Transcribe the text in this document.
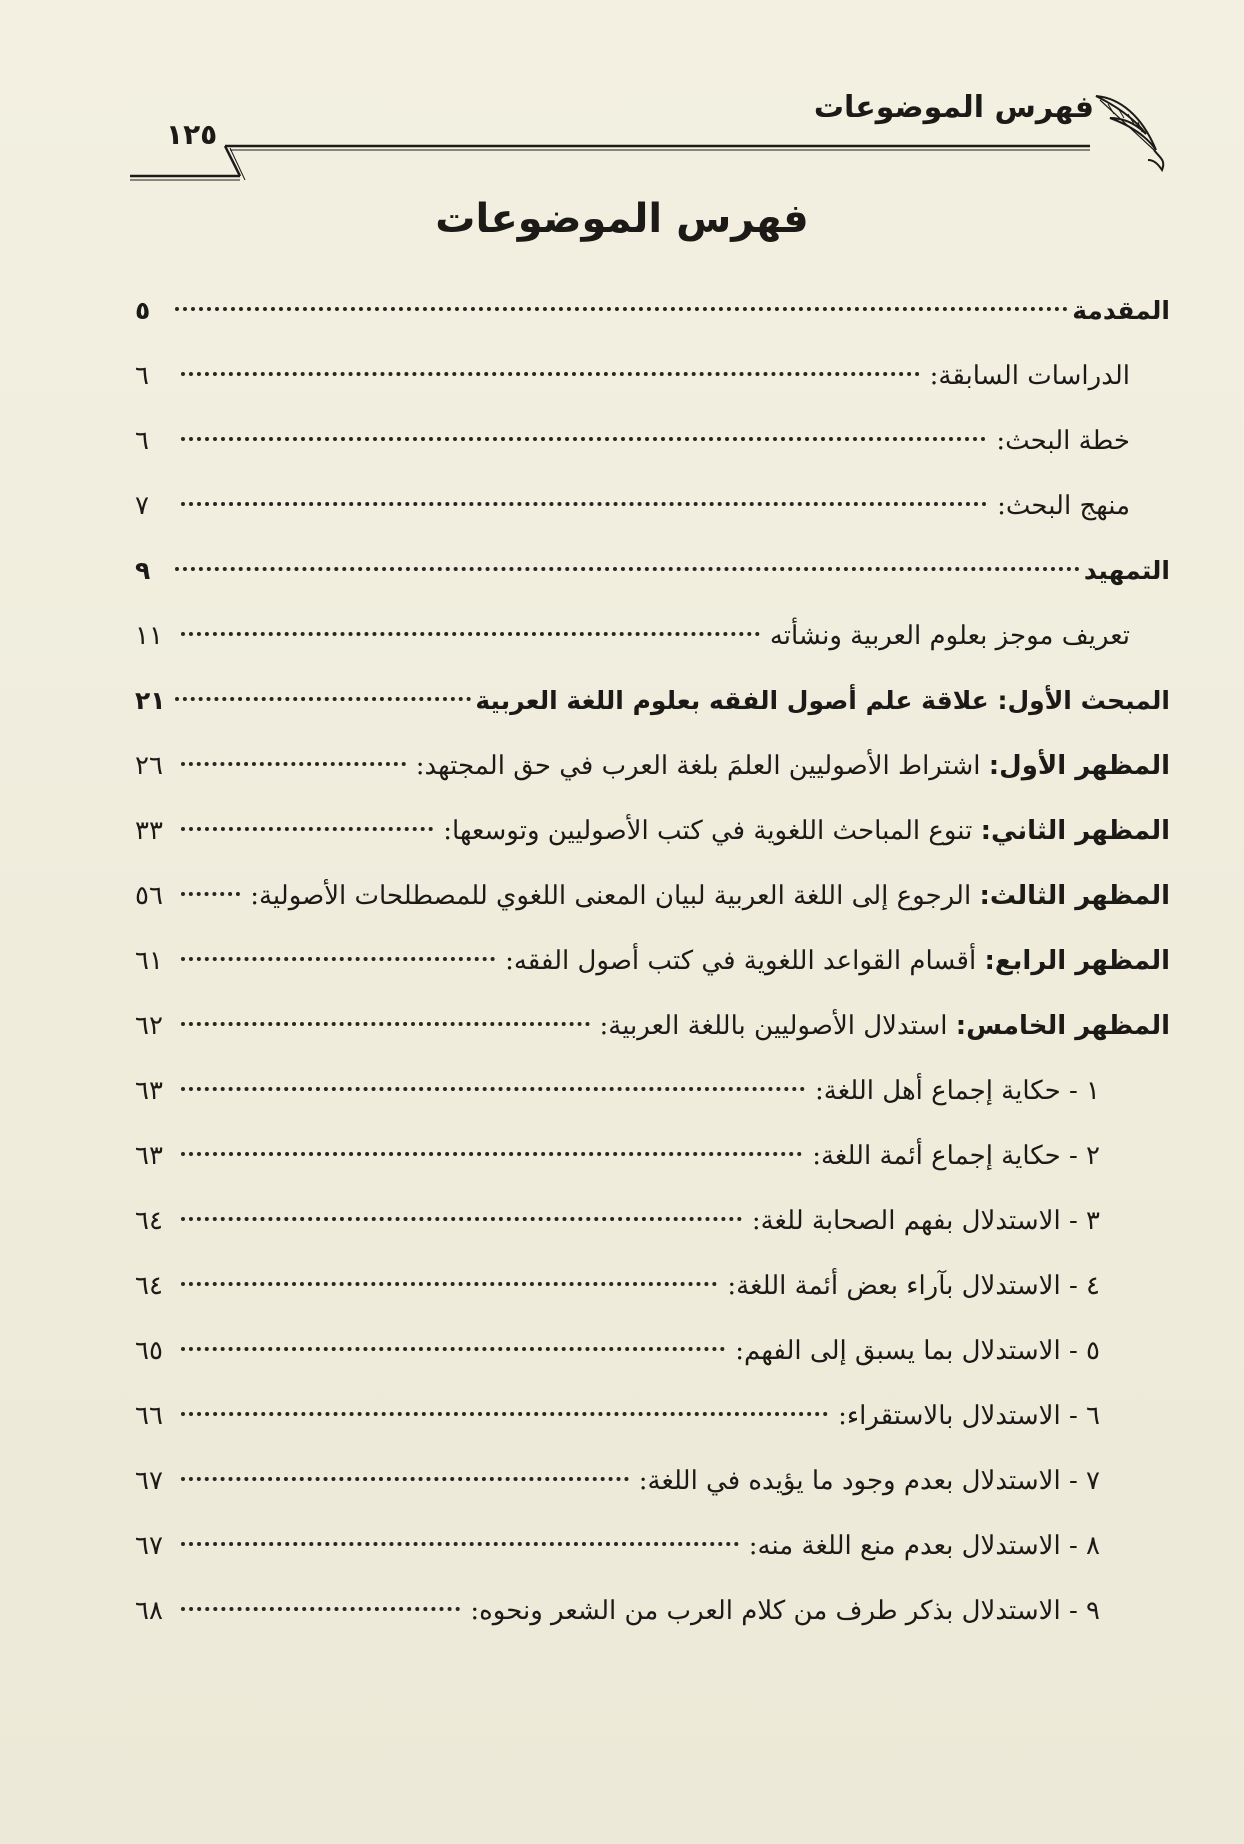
١٢٥
فهرس الموضوعات
فهرس الموضوعات
المقدمة
٥
الدراسات السابقة:
٦
خطة البحث:
٦
منهج البحث:
٧
التمهيد
٩
تعريف موجز بعلوم العربية ونشأته
١١
المبحث الأول: علاقة علم أصول الفقه بعلوم اللغة العربية
٢١
المظهر الأول: اشتراط الأصوليين العلمَ بلغة العرب في حق المجتهد:
٢٦
المظهر الثاني: تنوع المباحث اللغوية في كتب الأصوليين وتوسعها:
٣٣
المظهر الثالث: الرجوع إلى اللغة العربية لبيان المعنى اللغوي للمصطلحات الأصولية:
٥٦
المظهر الرابع: أقسام القواعد اللغوية في كتب أصول الفقه:
٦١
المظهر الخامس: استدلال الأصوليين باللغة العربية:
٦٢
١ - حكاية إجماع أهل اللغة:
٦٣
٢ - حكاية إجماع أئمة اللغة:
٦٣
٣ - الاستدلال بفهم الصحابة للغة:
٦٤
٤ - الاستدلال بآراء بعض أئمة اللغة:
٦٤
٥ - الاستدلال بما يسبق إلى الفهم:
٦٥
٦ - الاستدلال بالاستقراء:
٦٦
٧ - الاستدلال بعدم وجود ما يؤيده في اللغة:
٦٧
٨ - الاستدلال بعدم منع اللغة منه:
٦٧
٩ - الاستدلال بذكر طرف من كلام العرب من الشعر ونحوه:
٦٨
